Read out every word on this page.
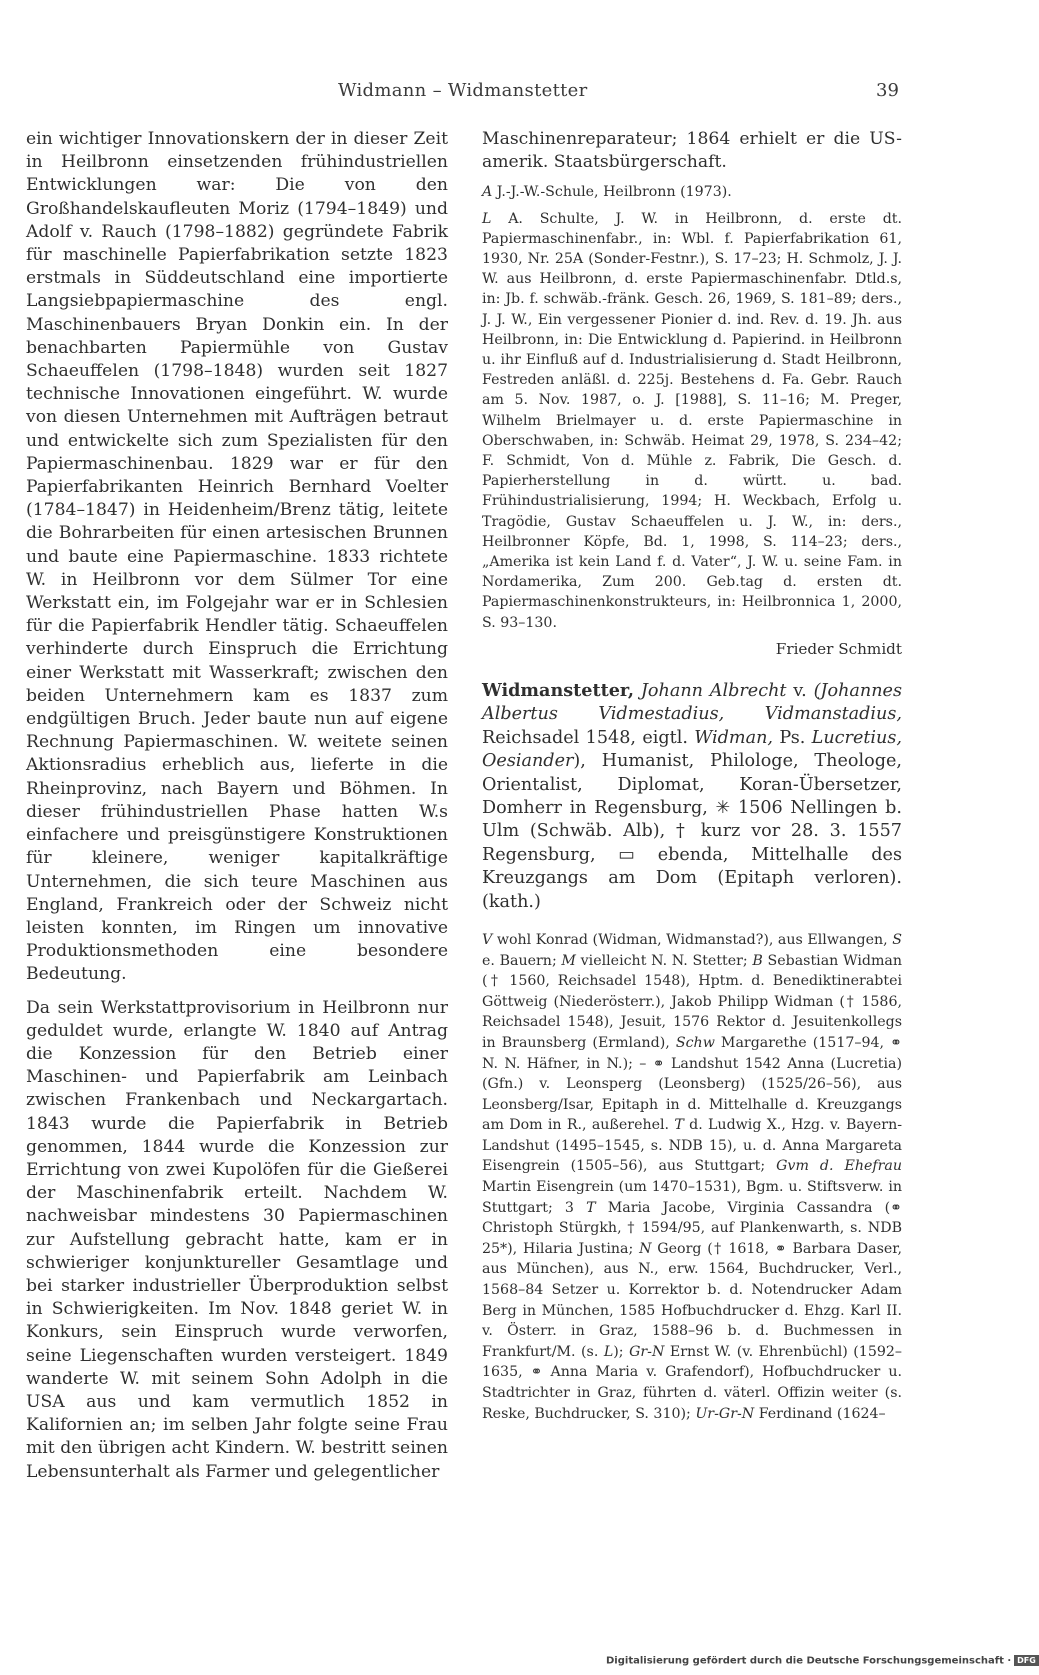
Widmann – Widmanstetter	39

ein wichtiger Innovationskern der in dieser Zeit in Heilbronn einsetzenden frühindustriellen Entwicklungen war: Die von den Großhandelskaufleuten Moriz (1794–1849) und Adolf v. Rauch (1798–1882) gegründete Fabrik für maschinelle Papierfabrikation setzte 1823 erstmals in Süddeutschland eine importierte Langsiebpapiermaschine des engl. Maschinenbauers Bryan Donkin ein. In der benachbarten Papiermühle von Gustav Schaeuffelen (1798–1848) wurden seit 1827 technische Innovationen eingeführt. W. wurde von diesen Unternehmen mit Aufträgen betraut und entwickelte sich zum Spezialisten für den Papiermaschinenbau. 1829 war er für den Papierfabrikanten Heinrich Bernhard Voelter (1784–1847) in Heidenheim/Brenz tätig, leitete die Bohrarbeiten für einen artesischen Brunnen und baute eine Papiermaschine. 1833 richtete W. in Heilbronn vor dem Sülmer Tor eine Werkstatt ein, im Folgejahr war er in Schlesien für die Papierfabrik Hendler tätig. Schaeuffelen verhinderte durch Einspruch die Errichtung einer Werkstatt mit Wasserkraft; zwischen den beiden Unternehmern kam es 1837 zum endgültigen Bruch. Jeder baute nun auf eigene Rechnung Papiermaschinen. W. weitete seinen Aktionsradius erheblich aus, lieferte in die Rheinprovinz, nach Bayern und Böhmen. In dieser frühindustriellen Phase hatten W.s einfachere und preisgünstigere Konstruktionen für kleinere, weniger kapitalkräftige Unternehmen, die sich teure Maschinen aus England, Frankreich oder der Schweiz nicht leisten konnten, im Ringen um innovative Produktionsmethoden eine besondere Bedeutung.

Da sein Werkstattprovisorium in Heilbronn nur geduldet wurde, erlangte W. 1840 auf Antrag die Konzession für den Betrieb einer Maschinen- und Papierfabrik am Leinbach zwischen Frankenbach und Neckargartach. 1843 wurde die Papierfabrik in Betrieb genommen, 1844 wurde die Konzession zur Errichtung von zwei Kupolöfen für die Gießerei der Maschinenfabrik erteilt. Nachdem W. nachweisbar mindestens 30 Papiermaschinen zur Aufstellung gebracht hatte, kam er in schwieriger konjunktureller Gesamtlage und bei starker industrieller Überproduktion selbst in Schwierigkeiten. Im Nov. 1848 geriet W. in Konkurs, sein Einspruch wurde verworfen, seine Liegenschaften wurden versteigert. 1849 wanderte W. mit seinem Sohn Adolph in die USA aus und kam vermutlich 1852 in Kalifornien an; im selben Jahr folgte seine Frau mit den übrigen acht Kindern. W. bestritt seinen Lebensunterhalt als Farmer und gelegentlicher

Maschinenreparateur; 1864 erhielt er die US-amerik. Staatsbürgerschaft.

A J.-J.-W.-Schule, Heilbronn (1973).

L A. Schulte, J. W. in Heilbronn, d. erste dt. Papiermaschinenfabr., in: Wbl. f. Papierfabrikation 61, 1930, Nr. 25A (Sonder-Festnr.), S. 17–23; H. Schmolz, J. J. W. aus Heilbronn, d. erste Papiermaschinenfabr. Dtld.s, in: Jb. f. schwäb.-fränk. Gesch. 26, 1969, S. 181–89; ders., J. J. W., Ein vergessener Pionier d. ind. Rev. d. 19. Jh. aus Heilbronn, in: Die Entwicklung d. Papierind. in Heilbronn u. ihr Einfluß auf d. Industrialisierung d. Stadt Heilbronn, Festreden anläßl. d. 225j. Bestehens d. Fa. Gebr. Rauch am 5. Nov. 1987, o. J. [1988], S. 11–16; M. Preger, Wilhelm Brielmayer u. d. erste Papiermaschine in Oberschwaben, in: Schwäb. Heimat 29, 1978, S. 234–42; F. Schmidt, Von d. Mühle z. Fabrik, Die Gesch. d. Papierherstellung in d. württ. u. bad. Frühindustrialisierung, 1994; H. Weckbach, Erfolg u. Tragödie, Gustav Schaeuffelen u. J. W., in: ders., Heilbronner Köpfe, Bd. 1, 1998, S. 114–23; ders., „Amerika ist kein Land f. d. Vater“, J. W. u. seine Fam. in Nordamerika, Zum 200. Geb.tag d. ersten dt. Papiermaschinenkonstrukteurs, in: Heilbronnica 1, 2000, S. 93–130.

Frieder Schmidt

Widmanstetter, Johann Albrecht v. (Johannes Albertus Vidmestadius, Vidmanstadius, Reichsadel 1548, eigtl. Widman, Ps. Lucretius, Oesiander), Humanist, Philologe, Theologe, Orientalist, Diplomat, Koran-Übersetzer, Domherr in Regensburg, ✳ 1506 Nellingen b. Ulm (Schwäb. Alb), † kurz vor 28. 3. 1557 Regensburg, ▭ ebenda, Mittelhalle des Kreuzgangs am Dom (Epitaph verloren). (kath.)

V wohl Konrad (Widman, Widmanstad?), aus Ellwangen, S e. Bauern; M vielleicht N. N. Stetter; B Sebastian Widman († 1560, Reichsadel 1548), Hptm. d. Benediktinerabtei Göttweig (Niederösterr.), Jakob Philipp Widman († 1586, Reichsadel 1548), Jesuit, 1576 Rektor d. Jesuitenkollegs in Braunsberg (Ermland), Schw Margarethe (1517–94, ⚭ N. N. Häfner, in N.); – ⚭ Landshut 1542 Anna (Lucretia) (Gfn.) v. Leonsperg (Leonsberg) (1525/26–56), aus Leonsberg/Isar, Epitaph in d. Mittelhalle d. Kreuzgangs am Dom in R., außerehel. T d. Ludwig X., Hzg. v. Bayern-Landshut (1495–1545, s. NDB 15), u. d. Anna Margareta Eisengrein (1505–56), aus Stuttgart; Gvm d. Ehefrau Martin Eisengrein (um 1470–1531), Bgm. u. Stiftsverw. in Stuttgart; 3 T Maria Jacobe, Virginia Cassandra (⚭ Christoph Stürgkh, † 1594/95, auf Plankenwarth, s. NDB 25*), Hilaria Justina; N Georg († 1618, ⚭ Barbara Daser, aus München), aus N., erw. 1564, Buchdrucker, Verl., 1568–84 Setzer u. Korrektor b. d. Notendrucker Adam Berg in München, 1585 Hofbuchdrucker d. Ehzg. Karl II. v. Österr. in Graz, 1588–96 b. d. Buchmessen in Frankfurt/M. (s. L); Gr-N Ernst W. (v. Ehrenbüchl) (1592–1635, ⚭ Anna Maria v. Grafendorf), Hofbuchdrucker u. Stadtrichter in Graz, führten d. väterl. Offizin weiter (s. Reske, Buchdrucker, S. 310); Ur-Gr-N Ferdinand (1624–

Digitalisierung gefördert durch die Deutsche Forschungsgemeinschaft · DFG
